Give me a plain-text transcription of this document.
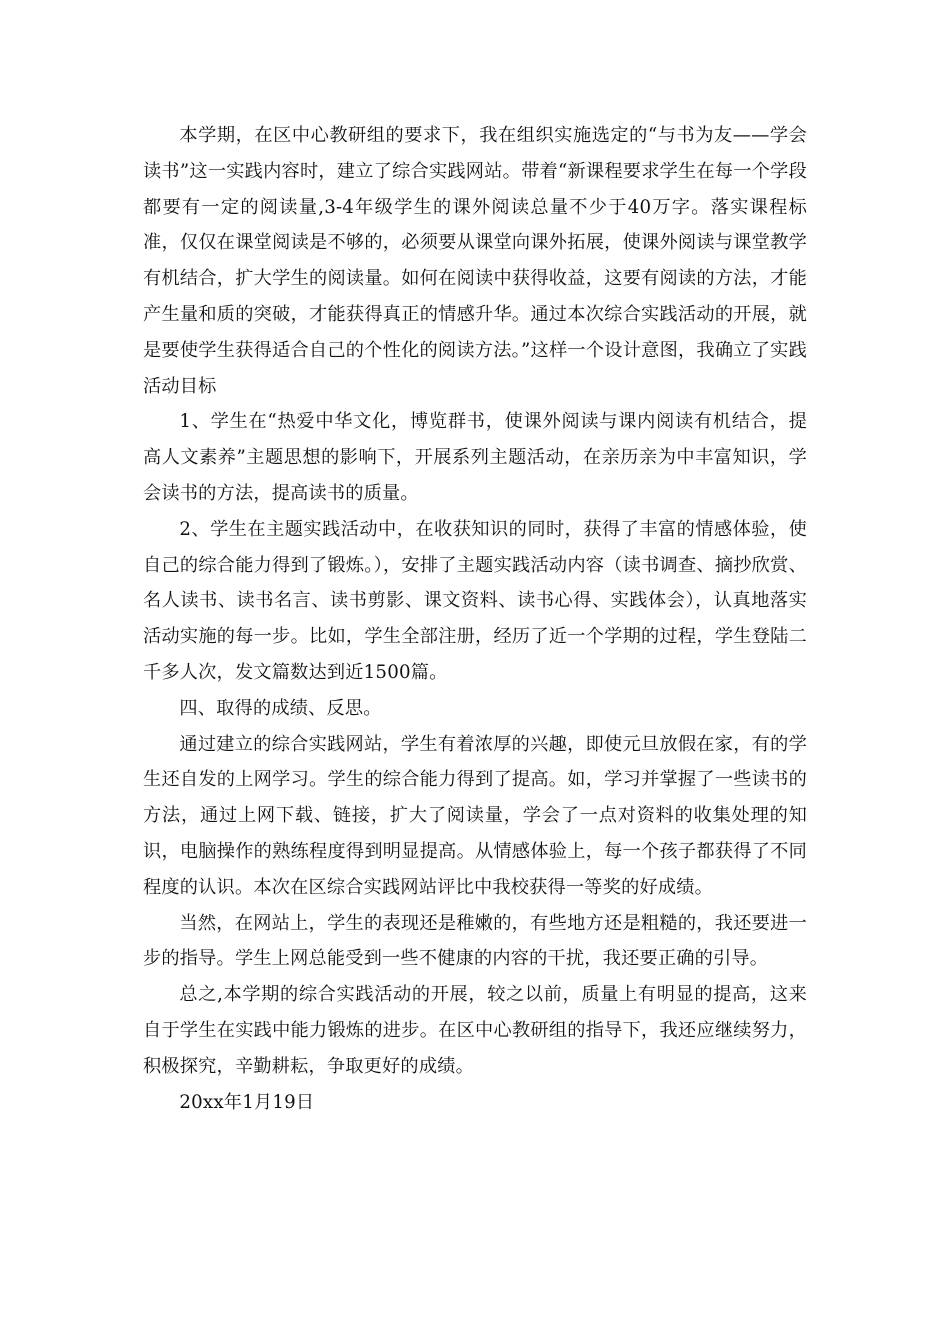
本学期，在区中心教研组的要求下，我在组织实施选定的“与书为友——学会读书”这一实践内容时，建立了综合实践网站。带着“新课程要求学生在每一个学段都要有一定的阅读量,3-4年级学生的课外阅读总量不少于40万字。落实课程标准，仅仅在课堂阅读是不够的，必须要从课堂向课外拓展，使课外阅读与课堂教学有机结合，扩大学生的阅读量。如何在阅读中获得收益，这要有阅读的方法，才能产生量和质的突破，才能获得真正的情感升华。通过本次综合实践活动的开展，就是要使学生获得适合自己的个性化的阅读方法。”这样一个设计意图，我确立了实践活动目标

1、学生在“热爱中华文化，博览群书，使课外阅读与课内阅读有机结合，提高人文素养”主题思想的影响下，开展系列主题活动，在亲历亲为中丰富知识，学会读书的方法，提高读书的质量。

2、学生在主题实践活动中，在收获知识的同时，获得了丰富的情感体验，使自己的综合能力得到了锻炼。），安排了主题实践活动内容（读书调查、摘抄欣赏、名人读书、读书名言、读书剪影、课文资料、读书心得、实践体会），认真地落实活动实施的每一步。比如，学生全部注册，经历了近一个学期的过程，学生登陆二千多人次，发文篇数达到近1500篇。

四、取得的成绩、反思。

通过建立的综合实践网站，学生有着浓厚的兴趣，即使元旦放假在家，有的学生还自发的上网学习。学生的综合能力得到了提高。如，学习并掌握了一些读书的方法，通过上网下载、链接，扩大了阅读量，学会了一点对资料的收集处理的知识，电脑操作的熟练程度得到明显提高。从情感体验上，每一个孩子都获得了不同程度的认识。本次在区综合实践网站评比中我校获得一等奖的好成绩。

当然，在网站上，学生的表现还是稚嫩的，有些地方还是粗糙的，我还要进一步的指导。学生上网总能受到一些不健康的内容的干扰，我还要正确的引导。

总之,本学期的综合实践活动的开展，较之以前，质量上有明显的提高，这来自于学生在实践中能力锻炼的进步。在区中心教研组的指导下，我还应继续努力，积极探究，辛勤耕耘，争取更好的成绩。

20xx年1月19日
